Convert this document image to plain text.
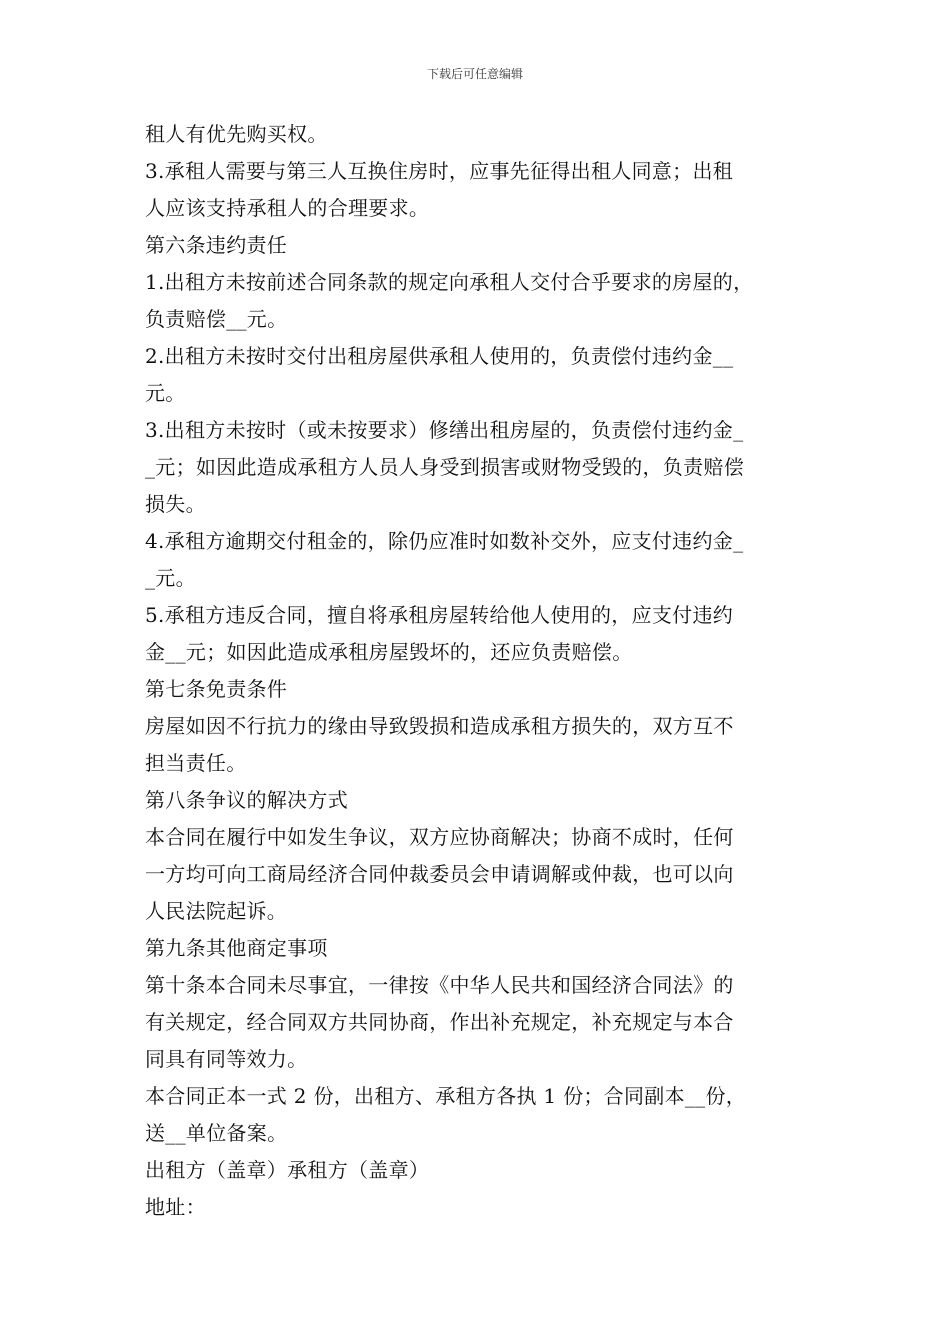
下载后可任意编辑
租人有优先购买权。
3.承租人需要与第三人互换住房时，应事先征得出租人同意；出租
人应该支持承租人的合理要求。
第六条违约责任
1.出租方未按前述合同条款的规定向承租人交付合乎要求的房屋的，
负责赔偿__元。
2.出租方未按时交付出租房屋供承租人使用的，负责偿付违约金__
元。
3.出租方未按时（或未按要求）修缮出租房屋的，负责偿付违约金_
_元；如因此造成承租方人员人身受到损害或财物受毁的，负责赔偿
损失。
4.承租方逾期交付租金的，除仍应准时如数补交外，应支付违约金_
_元。
5.承租方违反合同，擅自将承租房屋转给他人使用的，应支付违约
金__元；如因此造成承租房屋毁坏的，还应负责赔偿。
第七条免责条件
房屋如因不行抗力的缘由导致毁损和造成承租方损失的，双方互不
担当责任。
第八条争议的解决方式
本合同在履行中如发生争议，双方应协商解决；协商不成时，任何
一方均可向工商局经济合同仲裁委员会申请调解或仲裁，也可以向
人民法院起诉。
第九条其他商定事项
第十条本合同未尽事宜，一律按《中华人民共和国经济合同法》的
有关规定，经合同双方共同协商，作出补充规定，补充规定与本合
同具有同等效力。
本合同正本一式 2 份，出租方、承租方各执 1 份；合同副本__份，
送__单位备案。
出租方（盖章）承租方（盖章）
地址：
